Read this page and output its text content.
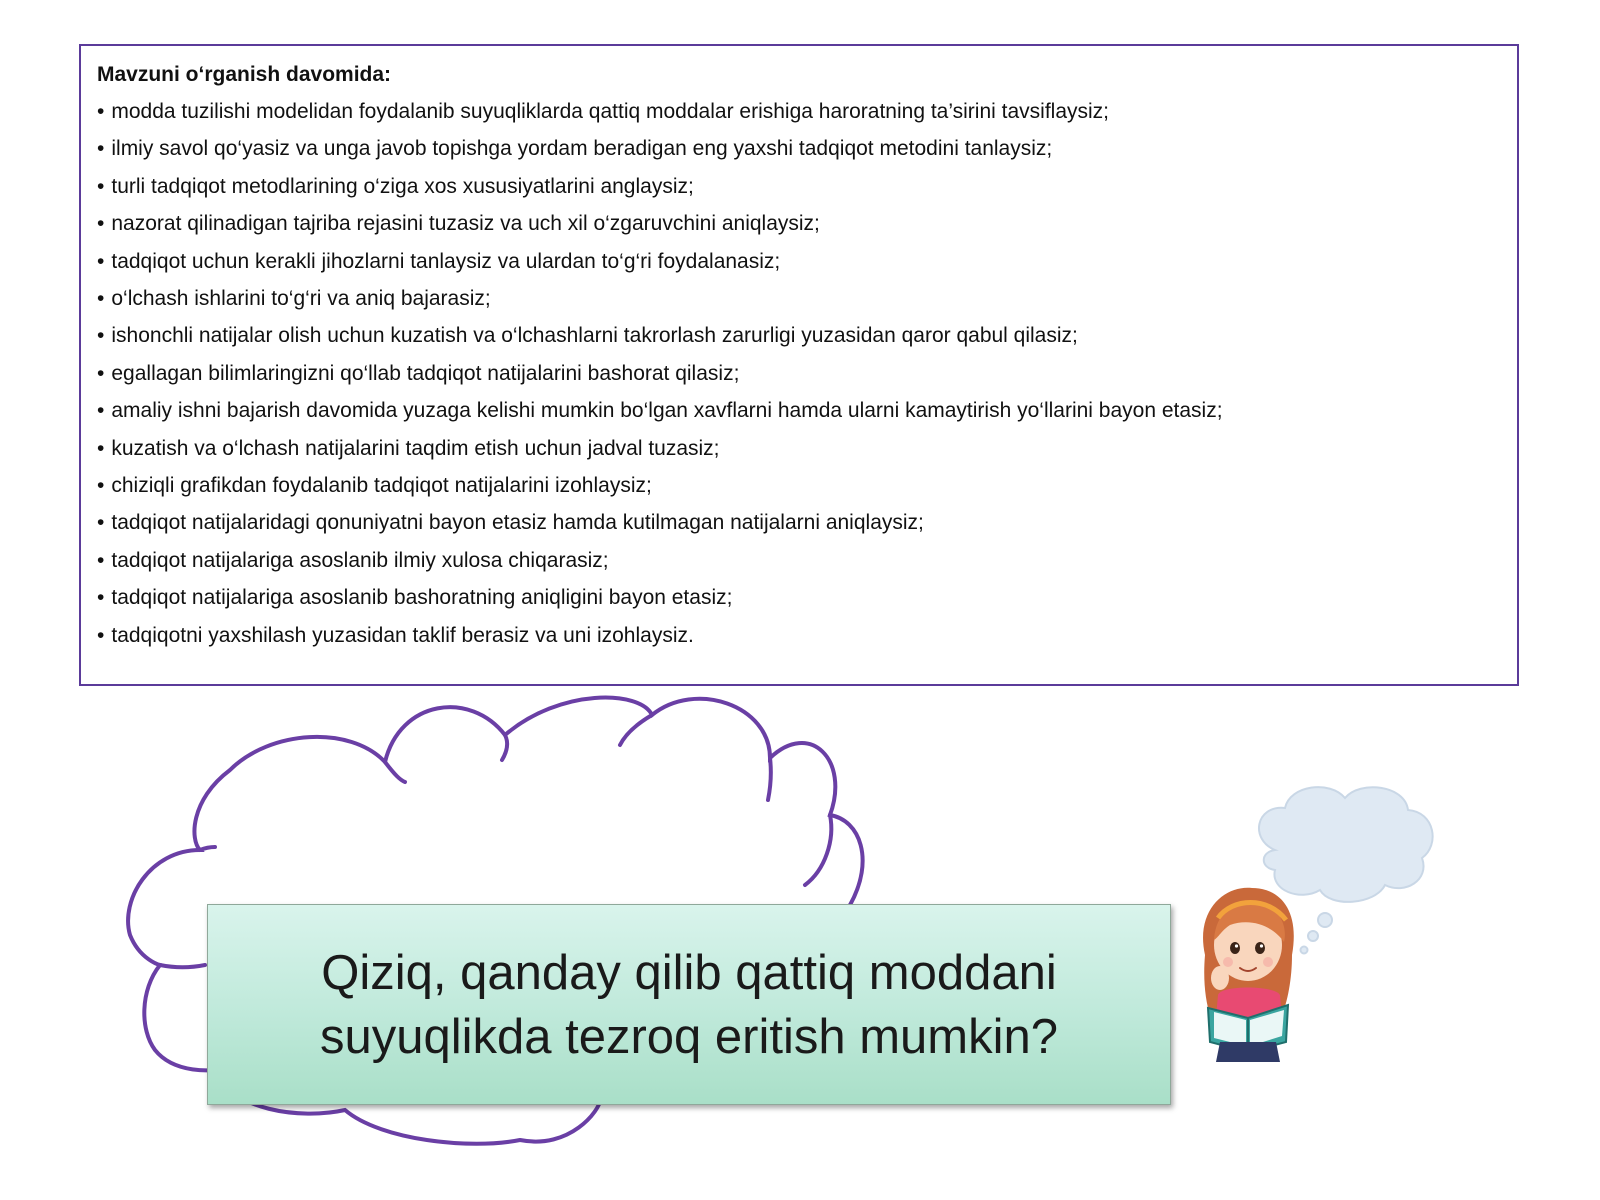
Mavzuni o‘rganish davomida:

• modda tuzilishi modelidan foydalanib suyuqliklarda qattiq moddalar erishiga haroratning ta’sirini tavsiflaysiz;
• ilmiy savol qo‘yasiz va unga javob topishga yordam beradigan eng yaxshi tadqiqot metodini tanlaysiz;
• turli tadqiqot metodlarining o‘ziga xos xususiyatlarini anglaysiz;
• nazorat qilinadigan tajriba rejasini tuzasiz va uch xil o‘zgaruvchini aniqlaysiz;
• tadqiqot uchun kerakli jihozlarni tanlaysiz va ulardan to‘g‘ri foydalanasiz;
• o‘lchash ishlarini to‘g‘ri va aniq bajarasiz;
• ishonchli natijalar olish uchun kuzatish va o‘lchashlarni takrorlash zarurligi yuzasidan qaror qabul qilasiz;
• egallagan bilimlaringizni qo‘llab tadqiqot natijalarini bashorat qilasiz;
• amaliy ishni bajarish davomida yuzaga kelishi mumkin bo‘lgan xavflarni hamda ularni kamaytirish yo‘llarini bayon etasiz;
• kuzatish va o‘lchash natijalarini taqdim etish uchun jadval tuzasiz;
• chiziqli grafikdan foydalanib tadqiqot natijalarini izohlaysiz;
• tadqiqot natijalaridagi qonuniyatni bayon etasiz hamda kutilmagan natijalarni aniqlaysiz;
• tadqiqot natijalariga asoslanib ilmiy xulosa chiqarasiz;
• tadqiqot natijalariga asoslanib bashoratning aniqligini bayon etasiz;
• tadqiqotni yaxshilash yuzasidan taklif berasiz va uni izohlaysiz.

Qiziq, qanday qilib qattiq moddani
suyuqlikda tezroq eritish mumkin?
